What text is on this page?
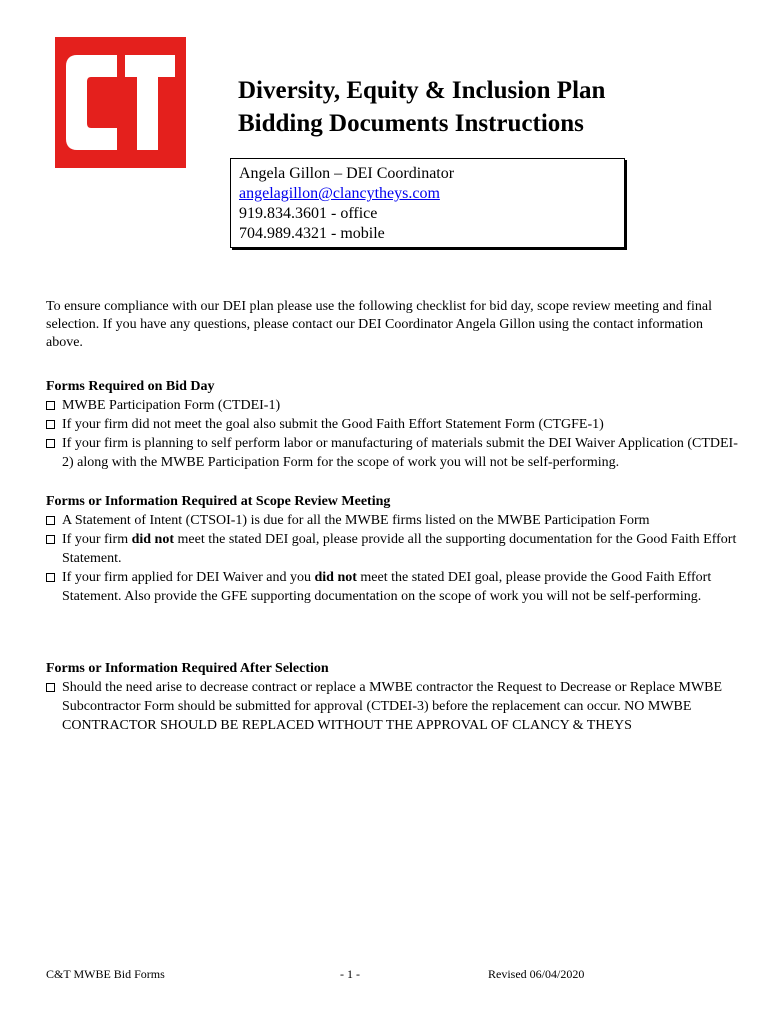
Diversity, Equity & Inclusion Plan
Bidding Documents Instructions
Angela Gillon – DEI Coordinator
angelagillon@clancytheys.com
919.834.3601 - office
704.989.4321 - mobile

To ensure compliance with our DEI plan please use the following checklist for bid day, scope review meeting and final selection. If you have any questions, please contact our DEI Coordinator Angela Gillon using the contact information above.

Forms Required on Bid Day
MWBE Participation Form (CTDEI-1)
If your firm did not meet the goal also submit the Good Faith Effort Statement Form (CTGFE-1)
If your firm is planning to self perform labor or manufacturing of materials submit the DEI Waiver Application (CTDEI-2) along with the MWBE Participation Form for the scope of work you will not be self-performing.
Forms or Information Required at Scope Review Meeting
A Statement of Intent (CTSOI-1) is due for all the MWBE firms listed on the MWBE Participation Form
If your firm did not meet the stated DEI goal, please provide all the supporting documentation for the Good Faith Effort Statement.
If your firm applied for DEI Waiver and you did not meet the stated DEI goal, please provide the Good Faith Effort Statement. Also provide the GFE supporting documentation on the scope of work you will not be self-performing.
Forms or Information Required After Selection
Should the need arise to decrease contract or replace a MWBE contractor the Request to Decrease or Replace MWBE Subcontractor Form should be submitted for approval (CTDEI-3) before the replacement can occur. NO MWBE CONTRACTOR SHOULD BE REPLACED WITHOUT THE APPROVAL OF CLANCY & THEYS
C&T MWBE Bid Forms	- 1 -	Revised 06/04/2020
